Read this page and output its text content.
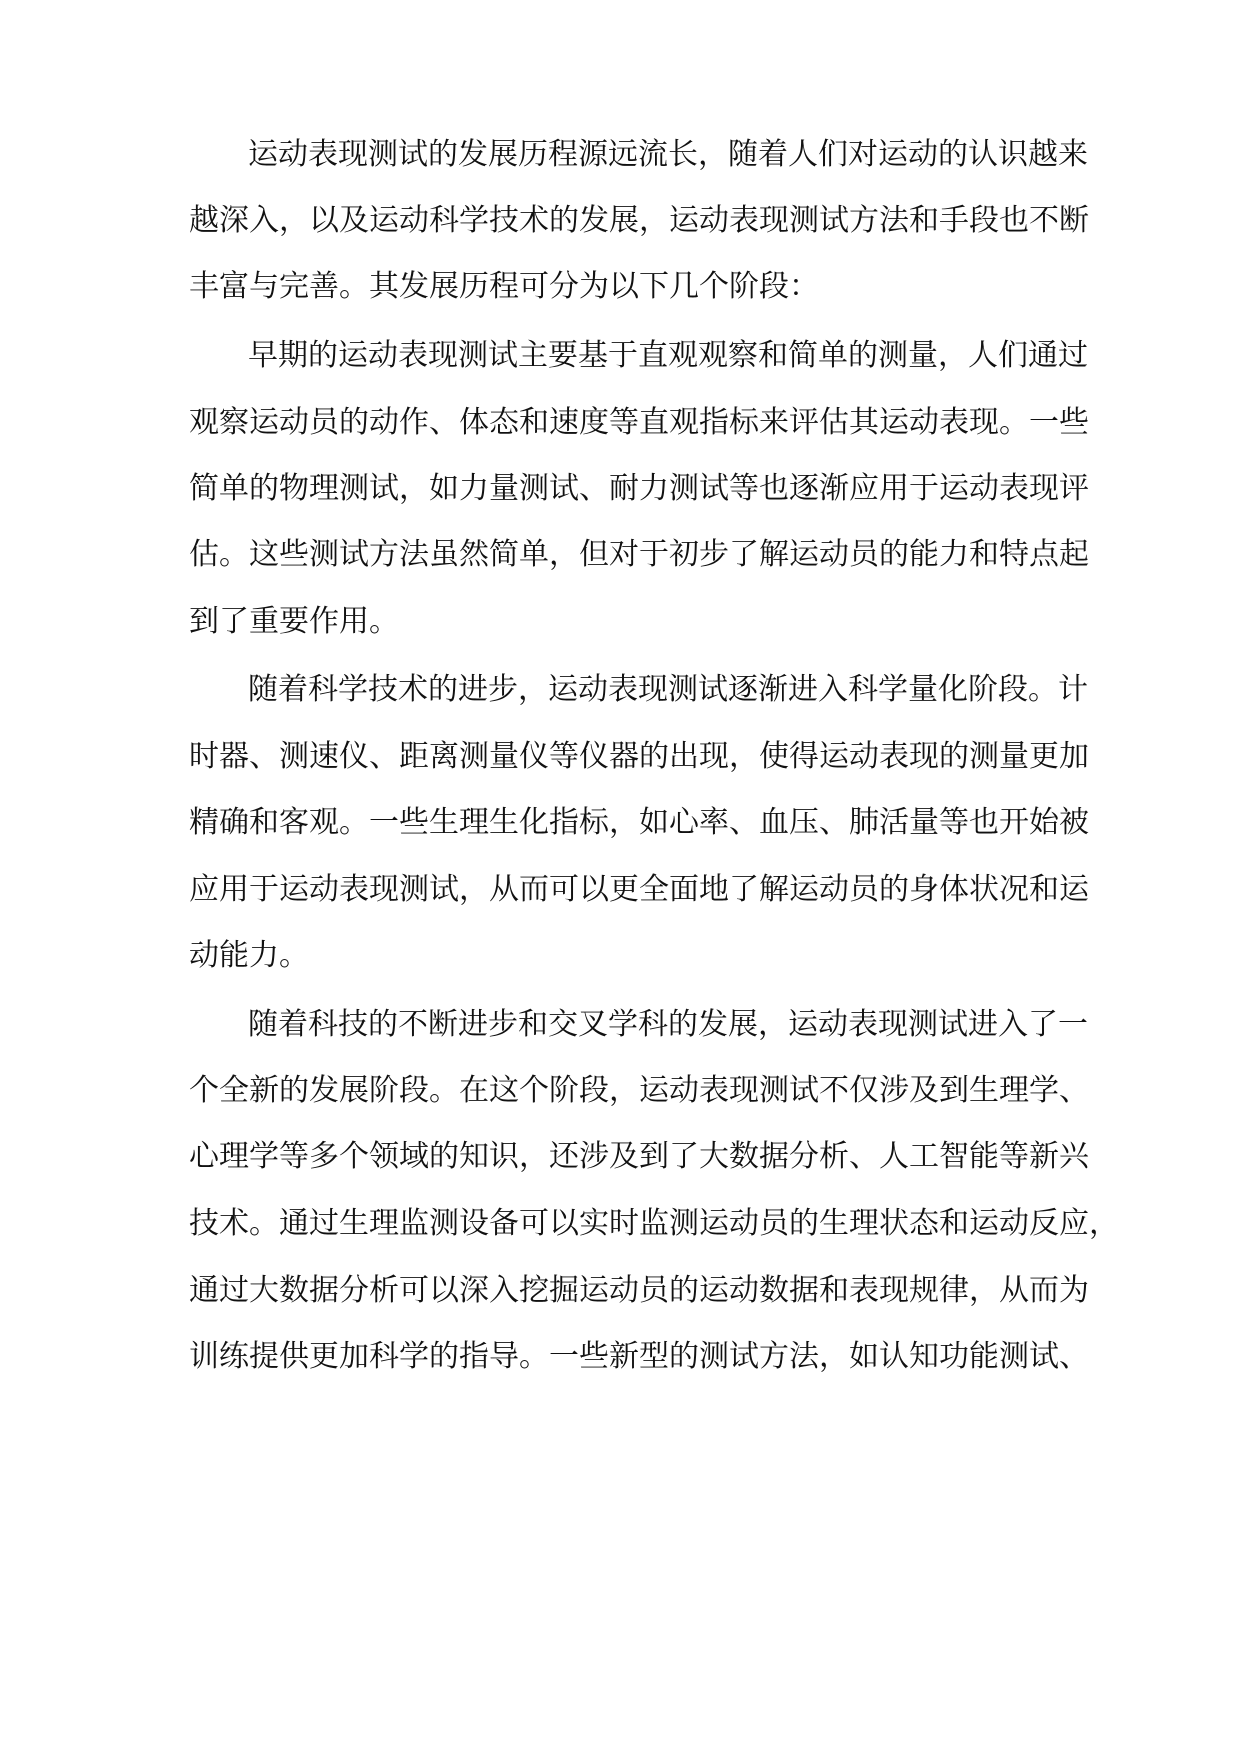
运动表现测试的发展历程源远流长，随着人们对运动的认识越来

越深入，以及运动科学技术的发展，运动表现测试方法和手段也不断

丰富与完善。其发展历程可分为以下几个阶段：

早期的运动表现测试主要基于直观观察和简单的测量，人们通过

观察运动员的动作、体态和速度等直观指标来评估其运动表现。一些

简单的物理测试，如力量测试、耐力测试等也逐渐应用于运动表现评

估。这些测试方法虽然简单，但对于初步了解运动员的能力和特点起

到了重要作用。

随着科学技术的进步，运动表现测试逐渐进入科学量化阶段。计

时器、测速仪、距离测量仪等仪器的出现，使得运动表现的测量更加

精确和客观。一些生理生化指标，如心率、血压、肺活量等也开始被

应用于运动表现测试，从而可以更全面地了解运动员的身体状况和运

动能力。

随着科技的不断进步和交叉学科的发展，运动表现测试进入了一

个全新的发展阶段。在这个阶段，运动表现测试不仅涉及到生理学、

心理学等多个领域的知识，还涉及到了大数据分析、人工智能等新兴

技术。通过生理监测设备可以实时监测运动员的生理状态和运动反应，

通过大数据分析可以深入挖掘运动员的运动数据和表现规律，从而为

训练提供更加科学的指导。一些新型的测试方法，如认知功能测试、
